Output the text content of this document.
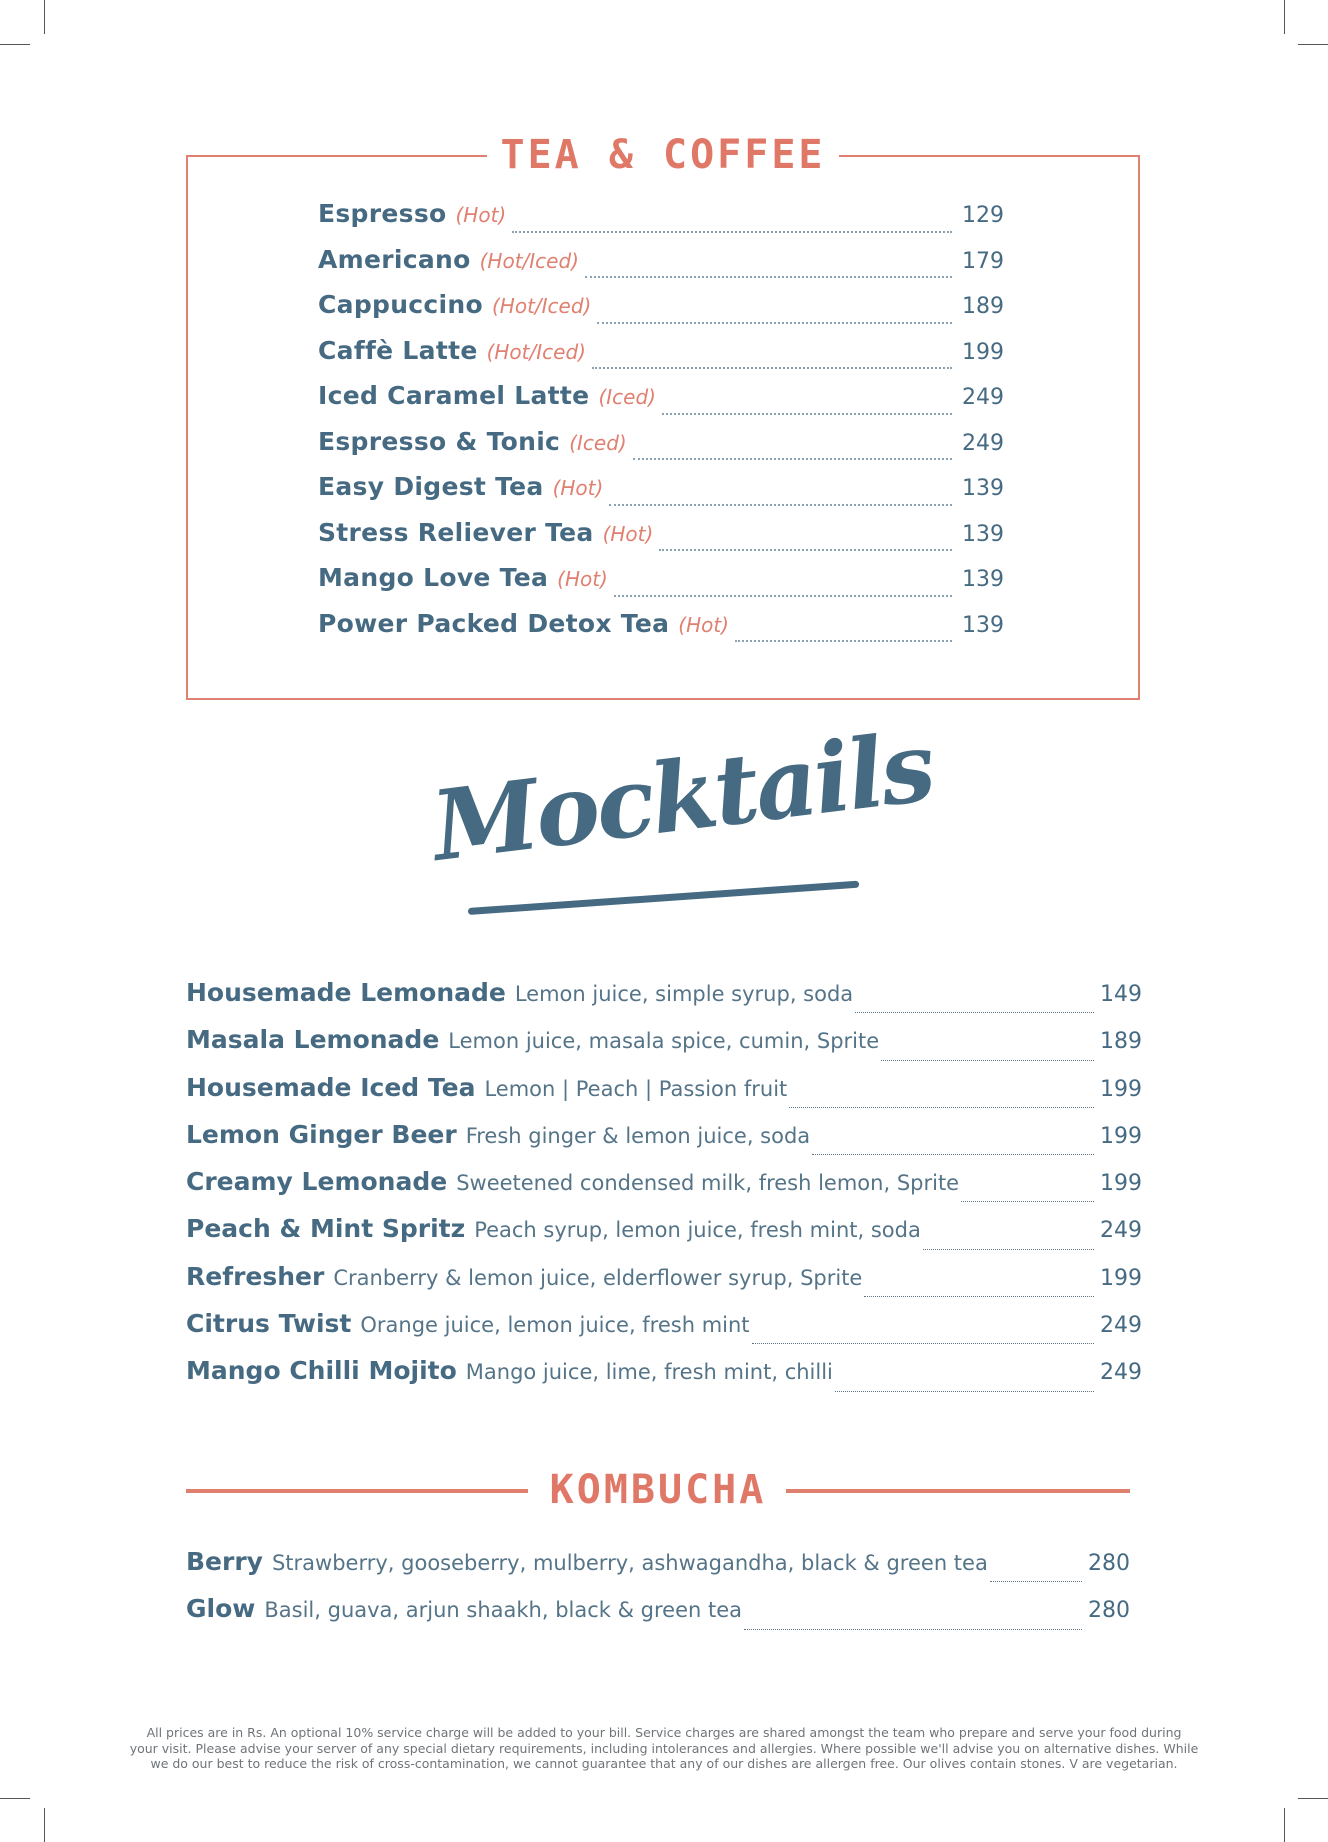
TEA & COFFEE
Espresso (Hot)	129
Americano (Hot/Iced)	179
Cappuccino (Hot/Iced)	189
Caffè Latte (Hot/Iced)	199
Iced Caramel Latte (Iced)	249
Espresso & Tonic (Iced)	249
Easy Digest Tea (Hot)	139
Stress Reliever Tea (Hot)	139
Mango Love Tea (Hot)	139
Power Packed Detox Tea (Hot)	139
Mocktails
Housemade Lemonade Lemon juice, simple syrup, soda	149
Masala Lemonade Lemon juice, masala spice, cumin, Sprite	189
Housemade Iced Tea Lemon | Peach | Passion fruit	199
Lemon Ginger Beer Fresh ginger & lemon juice, soda	199
Creamy Lemonade Sweetened condensed milk, fresh lemon, Sprite	199
Peach & Mint Spritz Peach syrup, lemon juice, fresh mint, soda	249
Refresher Cranberry & lemon juice, elderflower syrup, Sprite	199
Citrus Twist Orange juice, lemon juice, fresh mint	249
Mango Chilli Mojito Mango juice, lime, fresh mint, chilli	249
KOMBUCHA
Berry Strawberry, gooseberry, mulberry, ashwagandha, black & green tea	280
Glow Basil, guava, arjun shaakh, black & green tea	280
All prices are in Rs. An optional 10% service charge will be added to your bill. Service charges are shared amongst the team who prepare and serve your food during
your visit. Please advise your server of any special dietary requirements, including intolerances and allergies. Where possible we'll advise you on alternative dishes. While
we do our best to reduce the risk of cross-contamination, we cannot guarantee that any of our dishes are allergen free. Our olives contain stones. V are vegetarian.
